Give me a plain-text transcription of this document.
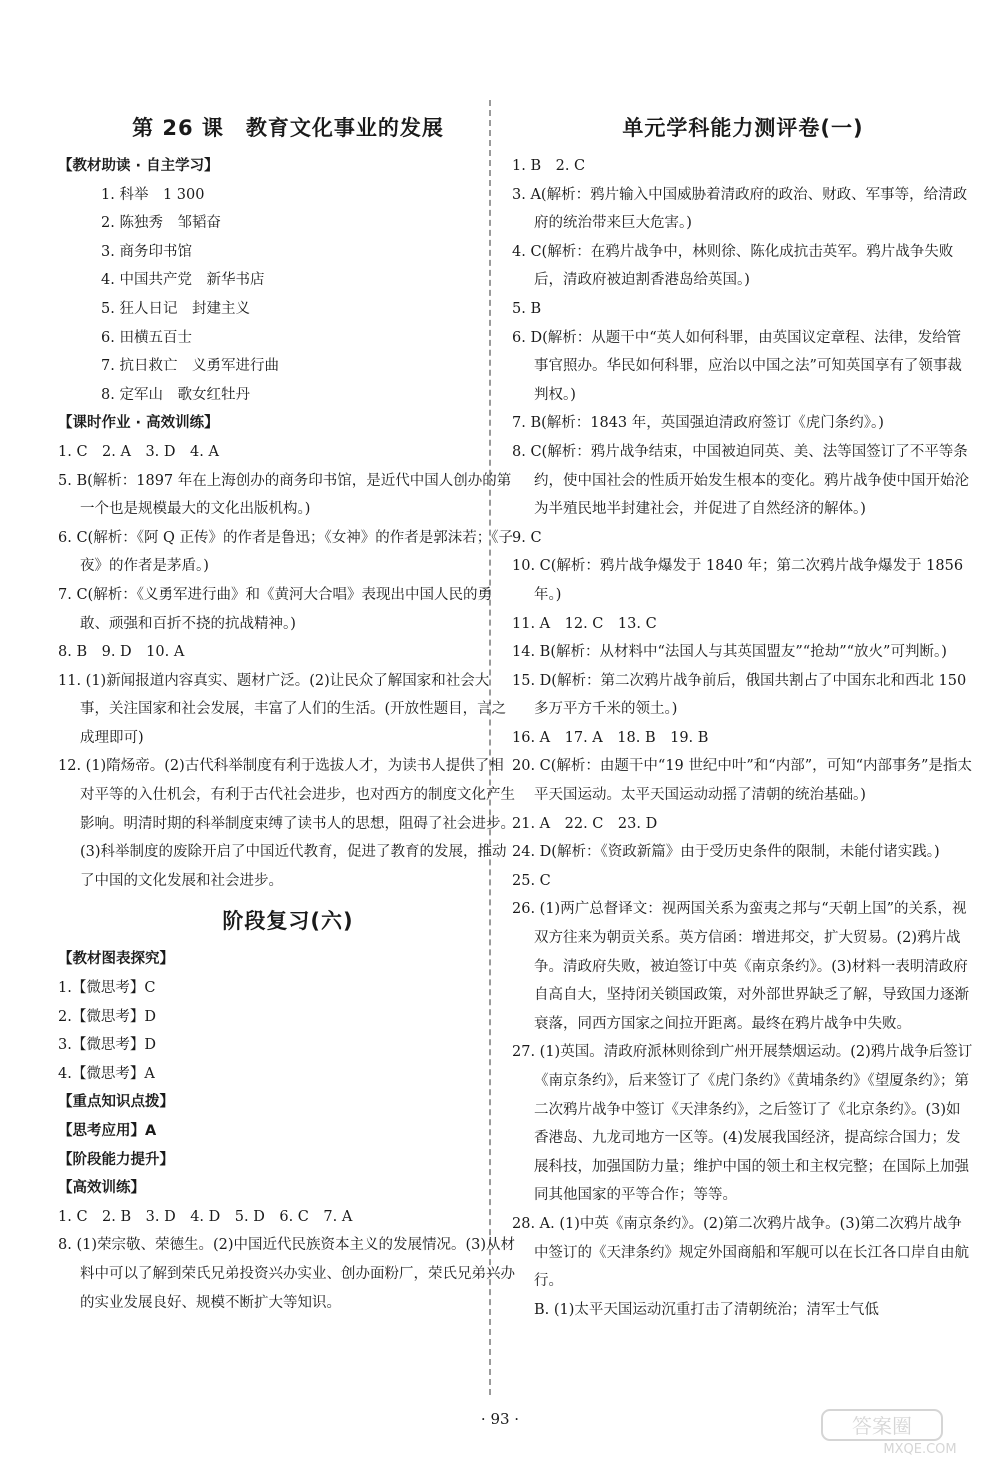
第 26 课　教育文化事业的发展
【教材助读 · 自主学习】
1. 科举　1 300
2. 陈独秀　邹韬奋
3. 商务印书馆
4. 中国共产党　新华书店
5. 狂人日记　封建主义
6. 田横五百士
7. 抗日救亡　义勇军进行曲
8. 定军山　歌女红牡丹
【课时作业 · 高效训练】
1. C　2. A　3. D　4. A
5. B(解析：1897 年在上海创办的商务印书馆，是近代中国人创办的第一个也是规模最大的文化出版机构。)
6. C(解析：《阿 Q 正传》的作者是鲁迅；《女神》的作者是郭沫若；《子夜》的作者是茅盾。)
7. C(解析：《义勇军进行曲》和《黄河大合唱》表现出中国人民的勇敢、顽强和百折不挠的抗战精神。)
8. B　9. D　10. A
11. (1)新闻报道内容真实、题材广泛。(2)让民众了解国家和社会大事，关注国家和社会发展，丰富了人们的生活。(开放性题目，言之成理即可)
12. (1)隋炀帝。(2)古代科举制度有利于选拔人才，为读书人提供了相对平等的入仕机会，有利于古代社会进步，也对西方的制度文化产生影响。明清时期的科举制度束缚了读书人的思想，阻碍了社会进步。(3)科举制度的废除开启了中国近代教育，促进了教育的发展，推动了中国的文化发展和社会进步。
阶段复习(六)
【教材图表探究】
1.【微思考】C
2.【微思考】D
3.【微思考】D
4.【微思考】A
【重点知识点拨】
【思考应用】A
【阶段能力提升】
【高效训练】
1. C　2. B　3. D　4. D　5. D　6. C　7. A
8. (1)荣宗敬、荣德生。(2)中国近代民族资本主义的发展情况。(3)从材料中可以了解到荣氏兄弟投资兴办实业、创办面粉厂，荣氏兄弟兴办的实业发展良好、规模不断扩大等知识。
单元学科能力测评卷(一)
1. B　2. C
3. A(解析：鸦片输入中国威胁着清政府的政治、财政、军事等，给清政府的统治带来巨大危害。)
4. C(解析：在鸦片战争中，林则徐、陈化成抗击英军。鸦片战争失败后，清政府被迫割香港岛给英国。)
5. B
6. D(解析：从题干中“英人如何科罪，由英国议定章程、法律，发给管事官照办。华民如何科罪，应治以中国之法”可知英国享有了领事裁判权。)
7. B(解析：1843 年，英国强迫清政府签订《虎门条约》。)
8. C(解析：鸦片战争结束，中国被迫同英、美、法等国签订了不平等条约，使中国社会的性质开始发生根本的变化。鸦片战争使中国开始沦为半殖民地半封建社会，并促进了自然经济的解体。)
9. C
10. C(解析：鸦片战争爆发于 1840 年；第二次鸦片战争爆发于 1856 年。)
11. A　12. C　13. C
14. B(解析：从材料中“法国人与其英国盟友”“抢劫”“放火”可判断。)
15. D(解析：第二次鸦片战争前后，俄国共割占了中国东北和西北 150 多万平方千米的领土。)
16. A　17. A　18. B　19. B
20. C(解析：由题干中“19 世纪中叶”和“内部”，可知“内部事务”是指太平天国运动。太平天国运动动摇了清朝的统治基础。)
21. A　22. C　23. D
24. D(解析：《资政新篇》由于受历史条件的限制，未能付诸实践。)
25. C
26. (1)两广总督译文：视两国关系为蛮夷之邦与“天朝上国”的关系，视双方往来为朝贡关系。英方信函：增进邦交，扩大贸易。(2)鸦片战争。清政府失败，被迫签订中英《南京条约》。(3)材料一表明清政府自高自大，坚持闭关锁国政策，对外部世界缺乏了解，导致国力逐渐衰落，同西方国家之间拉开距离。最终在鸦片战争中失败。
27. (1)英国。清政府派林则徐到广州开展禁烟运动。(2)鸦片战争后签订《南京条约》，后来签订了《虎门条约》《黄埔条约》《望厦条约》；第二次鸦片战争中签订《天津条约》，之后签订了《北京条约》。(3)如香港岛、九龙司地方一区等。(4)发展我国经济，提高综合国力；发展科技，加强国防力量；维护中国的领土和主权完整；在国际上加强同其他国家的平等合作；等等。
28. A. (1)中英《南京条约》。(2)第二次鸦片战争。(3)第二次鸦片战争中签订的《天津条约》规定外国商船和军舰可以在长江各口岸自由航行。
B. (1)太平天国运动沉重打击了清朝统治；清军士气低
· 93 ·	答案圈
MXQE.COM
